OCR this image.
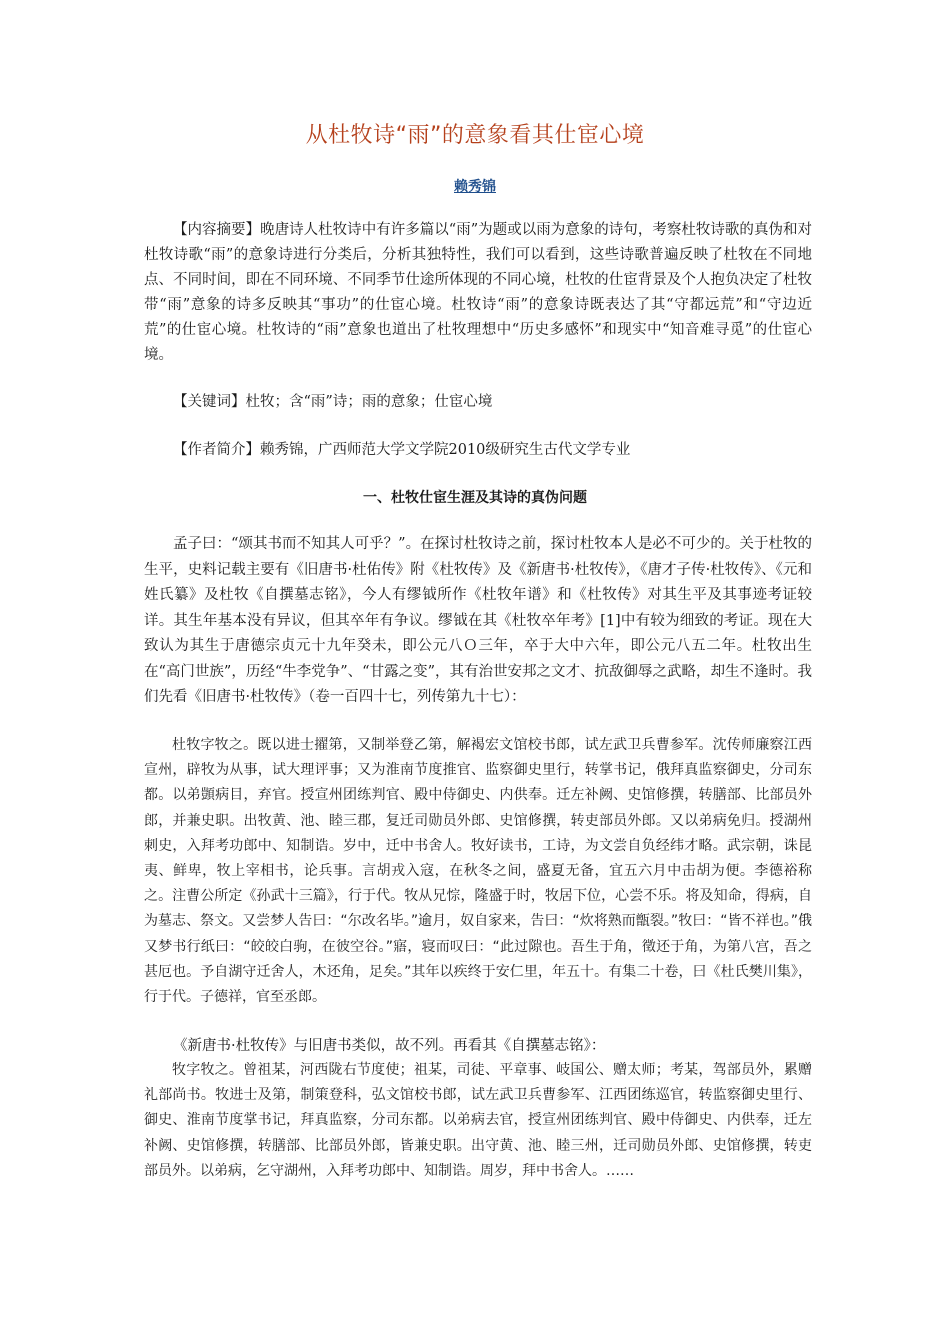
从杜牧诗“雨”的意象看其仕宦心境
赖秀锦
【内容摘要】晚唐诗人杜牧诗中有许多篇以“雨”为题或以雨为意象的诗句，考察杜牧诗歌的真伪和对杜牧诗歌“雨”的意象诗进行分类后，分析其独特性，我们可以看到，这些诗歌普遍反映了杜牧在不同地点、不同时间，即在不同环境、不同季节仕途所体现的不同心境，杜牧的仕宦背景及个人抱负决定了杜牧带“雨”意象的诗多反映其“事功”的仕宦心境。杜牧诗“雨”的意象诗既表达了其“守都远荒”和“守边近荒”的仕宦心境。杜牧诗的“雨”意象也道出了杜牧理想中“历史多感怀”和现实中“知音难寻觅”的仕宦心境。
【关键词】杜牧；含“雨”诗；雨的意象；仕宦心境
【作者简介】赖秀锦，广西师范大学文学院2010级研究生古代文学专业
一、杜牧仕宦生涯及其诗的真伪问题
孟子曰：“颂其书而不知其人可乎？”。在探讨杜牧诗之前，探讨杜牧本人是必不可少的。关于杜牧的生平，史料记载主要有《旧唐书·杜佑传》附《杜牧传》及《新唐书·杜牧传》，《唐才子传·杜牧传》、《元和姓氏纂》及杜牧《自撰墓志铭》，今人有缪钺所作《杜牧年谱》和《杜牧传》对其生平及其事迹考证较详。其生年基本没有异议，但其卒年有争议。缪钺在其《杜牧卒年考》[1]中有较为细致的考证。现在大致认为其生于唐德宗贞元十九年癸未，即公元八Ｏ三年，卒于大中六年，即公元八五二年。杜牧出生在“高门世族”，历经“牛李党争”、“甘露之变”，其有治世安邦之文才、抗敌御辱之武略，却生不逢时。我们先看《旧唐书·杜牧传》（卷一百四十七，列传第九十七）：
杜牧字牧之。既以进士擢第，又制举登乙第，解褐宏文馆校书郎，试左武卫兵曹参军。沈传师廉察江西宣州，辟牧为从事，试大理评事；又为淮南节度推官、监察御史里行，转掌书记，俄拜真监察御史，分司东都。以弟顗病目，弃官。授宣州团练判官、殿中侍御史、内供奉。迁左补阙、史馆修撰，转膳部、比部员外郎，并兼史职。出牧黄、池、睦三郡，复迁司勋员外郎、史馆修撰，转吏部员外郎。又以弟病免归。授湖州刺史，入拜考功郎中、知制诰。岁中，迁中书舍人。牧好读书，工诗，为文尝自负经纬才略。武宗朝，诛昆夷、鲜卑，牧上宰相书，论兵事。言胡戎入寇，在秋冬之间，盛夏无备，宜五六月中击胡为便。李德裕称之。注曹公所定《孙武十三篇》，行于代。牧从兄悰，隆盛于时，牧居下位，心尝不乐。将及知命，得病，自为墓志、祭文。又尝梦人告曰：“尔改名毕。”逾月，奴自家来，告曰：“炊将熟而甑裂。”牧曰：“皆不祥也。”俄又梦书行纸曰：“皎皎白驹，在彼空谷。”寤，寝而叹曰：“此过隙也。吾生于角，徵还于角，为第八宫，吾之甚厄也。予自湖守迁舍人，木还角，足矣。”其年以疾终于安仁里，年五十。有集二十卷，曰《杜氏樊川集》，行于代。子德祥，官至丞郎。
《新唐书·杜牧传》与旧唐书类似，故不列。再看其《自撰墓志铭》：
牧字牧之。曾祖某，河西陇右节度使；祖某，司徒、平章事、岐国公、赠太师；考某，驾部员外，累赠礼部尚书。牧进士及第，制策登科，弘文馆校书郎，试左武卫兵曹参军、江西团练巡官，转监察御史里行、御史、淮南节度掌书记，拜真监察，分司东都。以弟病去官，授宣州团练判官、殿中侍御史、内供奉，迁左补阙、史馆修撰，转膳部、比部员外郎，皆兼史职。出守黄、池、睦三州，迁司勋员外郎、史馆修撰，转吏部员外。以弟病，乞守湖州，入拜考功郎中、知制诰。周岁，拜中书舍人。……
